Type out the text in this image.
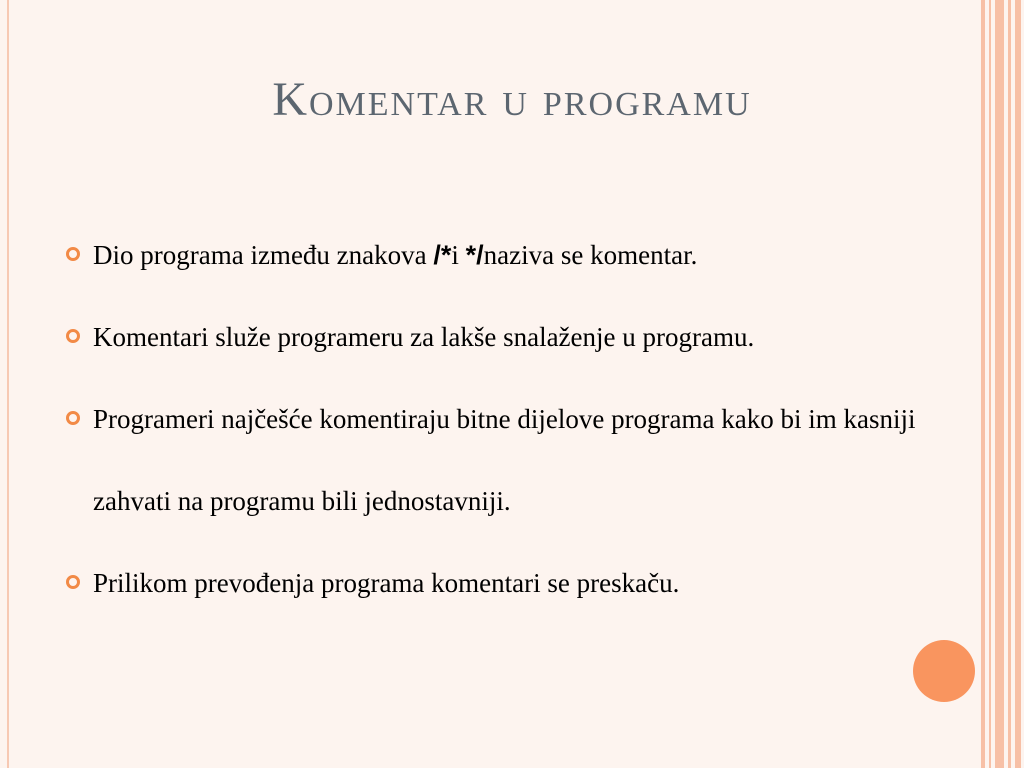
Komentar u programu
Dio programa između znakova /*i */naziva se komentar.
Komentari služe programeru za lakše snalaženje u programu.
Programeri najčešće komentiraju bitne dijelove programa kako bi im kasniji zahvati na programu bili jednostavniji.
Prilikom prevođenja programa komentari se preskaču.
